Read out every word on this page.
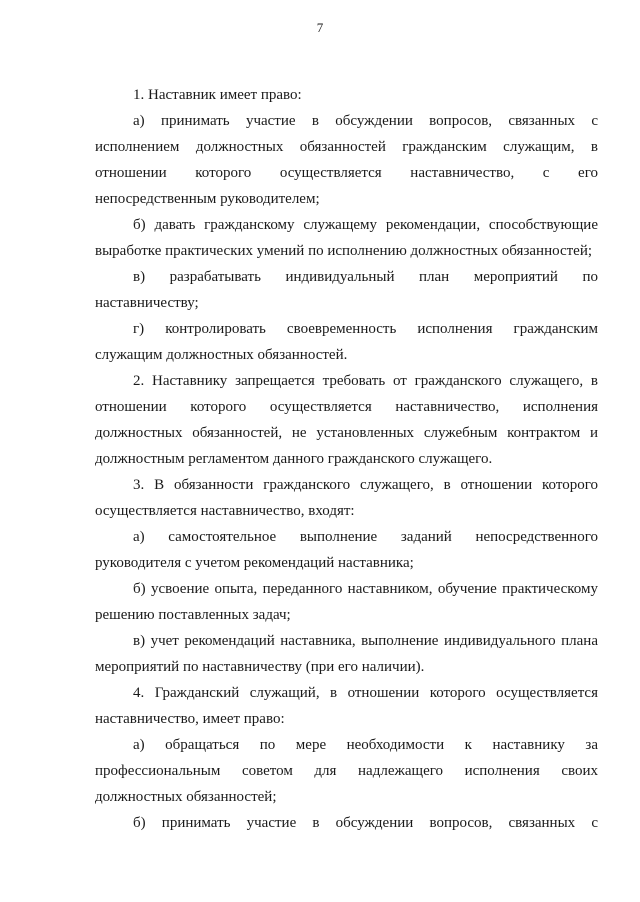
7

1. Наставник имеет право:

а) принимать участие в обсуждении вопросов, связанных с исполнением должностных обязанностей гражданским служащим, в отношении которого осуществляется наставничество, с его непосредственным руководителем;

б) давать гражданскому служащему рекомендации, способствующие выработке практических умений по исполнению должностных обязанностей;

в) разрабатывать индивидуальный план мероприятий по наставничеству;

г) контролировать своевременность исполнения гражданским служащим должностных обязанностей.

2. Наставнику запрещается требовать от гражданского служащего, в отношении которого осуществляется наставничество, исполнения должностных обязанностей, не установленных служебным контрактом и должностным регламентом данного гражданского служащего.

3. В обязанности гражданского служащего, в отношении которого осуществляется наставничество, входят:

а) самостоятельное выполнение заданий непосредственного руководителя с учетом рекомендаций наставника;

б) усвоение опыта, переданного наставником, обучение практическому решению поставленных задач;

в) учет рекомендаций наставника, выполнение индивидуального плана мероприятий по наставничеству (при его наличии).

4. Гражданский служащий, в отношении которого осуществляется наставничество, имеет право:

а) обращаться по мере необходимости к наставнику за профессиональным советом для надлежащего исполнения своих должностных обязанностей;

б) принимать участие в обсуждении вопросов, связанных с
